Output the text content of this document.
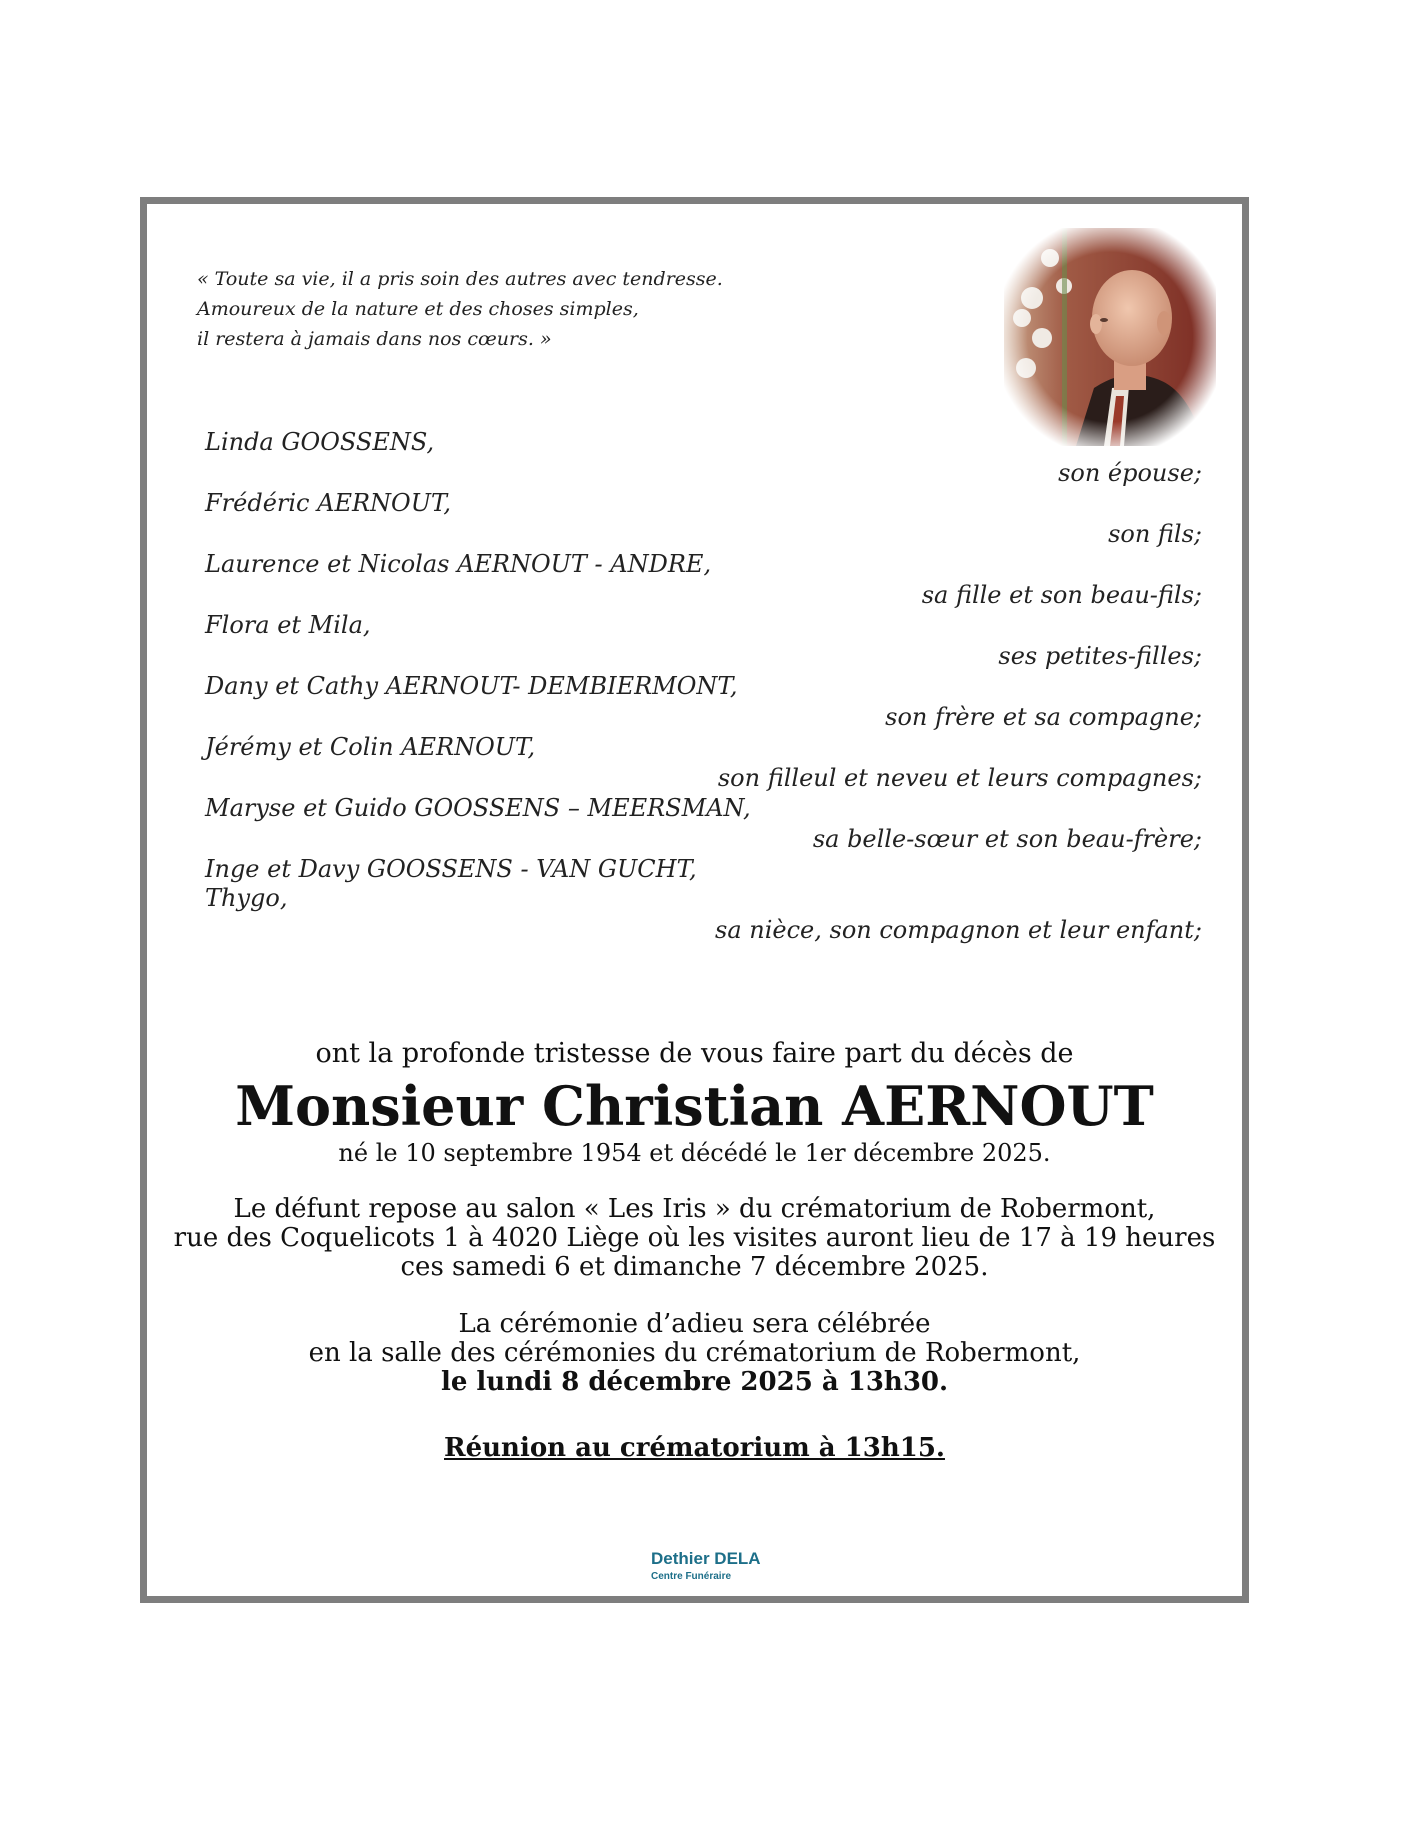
« Toute sa vie, il a pris soin des autres avec tendresse.
Amoureux de la nature et des choses simples,
il restera à jamais dans nos cœurs. »
Linda GOOSSENS,
Frédéric AERNOUT,
Laurence et Nicolas AERNOUT - ANDRE,
Flora et Mila,
Dany et Cathy AERNOUT- DEMBIERMONT,
Jérémy et Colin AERNOUT,
Maryse et Guido GOOSSENS – MEERSMAN,
Inge et Davy GOOSSENS - VAN GUCHT,
Thygo,
son épouse;
son fils;
sa fille et son beau-fils;
ses petites-filles;
son frère et sa compagne;
son filleul et neveu et leurs compagnes;
sa belle-sœur et son beau-frère;
sa nièce, son compagnon et leur enfant;
ont la profonde tristesse de vous faire part du décès de
Monsieur Christian AERNOUT
né le 10 septembre 1954 et décédé le 1er décembre 2025.
Le défunt repose au salon « Les Iris » du crématorium de Robermont,
rue des Coquelicots 1 à 4020 Liège où les visites auront lieu de 17 à 19 heures
ces samedi 6 et dimanche 7 décembre 2025.
La cérémonie d’adieu sera célébrée
en la salle des cérémonies du crématorium de Robermont,
le lundi 8 décembre 2025 à 13h30.
Réunion au crématorium à 13h15.
Dethier DELA
Centre Funéraire
